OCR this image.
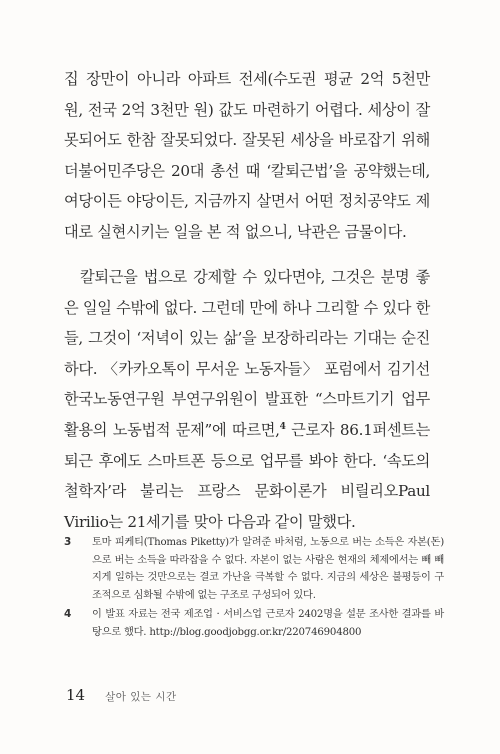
집 장만이 아니라 아파트 전세(수도권 평균 2억 5천만 원, 전국 2억 3천만 원) 값도 마련하기 어렵다. 세상이 잘못되어도 한참 잘못되었다. 잘못된 세상을 바로잡기 위해 더불어민주당은 20대 총선 때 ‘칼퇴근법’을 공약했는데, 여당이든 야당이든, 지금까지 살면서 어떤 정치공약도 제대로 실현시키는 일을 본 적 없으니, 낙관은 금물이다.

칼퇴근을 법으로 강제할 수 있다면야, 그것은 분명 좋은 일일 수밖에 없다. 그런데 만에 하나 그리할 수 있다 한들, 그것이 ‘저녁이 있는 삶’을 보장하리라는 기대는 순진하다. 〈카카오톡이 무서운 노동자들〉 포럼에서 김기선 한국노동연구원 부연구위원이 발표한 “스마트기기 업무 활용의 노동법적 문제”에 따르면,$^4$ 근로자 86.1퍼센트는 퇴근 후에도 스마트폰 등으로 업무를 봐야 한다. ‘속도의 철학자’라 불리는 프랑스 문화이론가 비릴리오Paul Virilio는 21세기를 맞아 다음과 같이 말했다.

3	토마 피케티(Thomas Piketty)가 알려준 바처럼, 노동으로 버는 소득은 자본(돈)으로 버는 소득을 따라잡을 수 없다. 자본이 없는 사람은 현재의 체제에서는 빼 빼지게 일하는 것만으로는 결코 가난을 극복할 수 없다. 지금의 세상은 불평등이 구조적으로 심화될 수밖에 없는 구조로 구성되어 있다.
4	이 발표 자료는 전국 제조업 · 서비스업 근로자 2402명을 설문 조사한 결과를 바탕으로 했다. http://blog.goodjobgg.or.kr/220746904800
14 살아 있는 시간
